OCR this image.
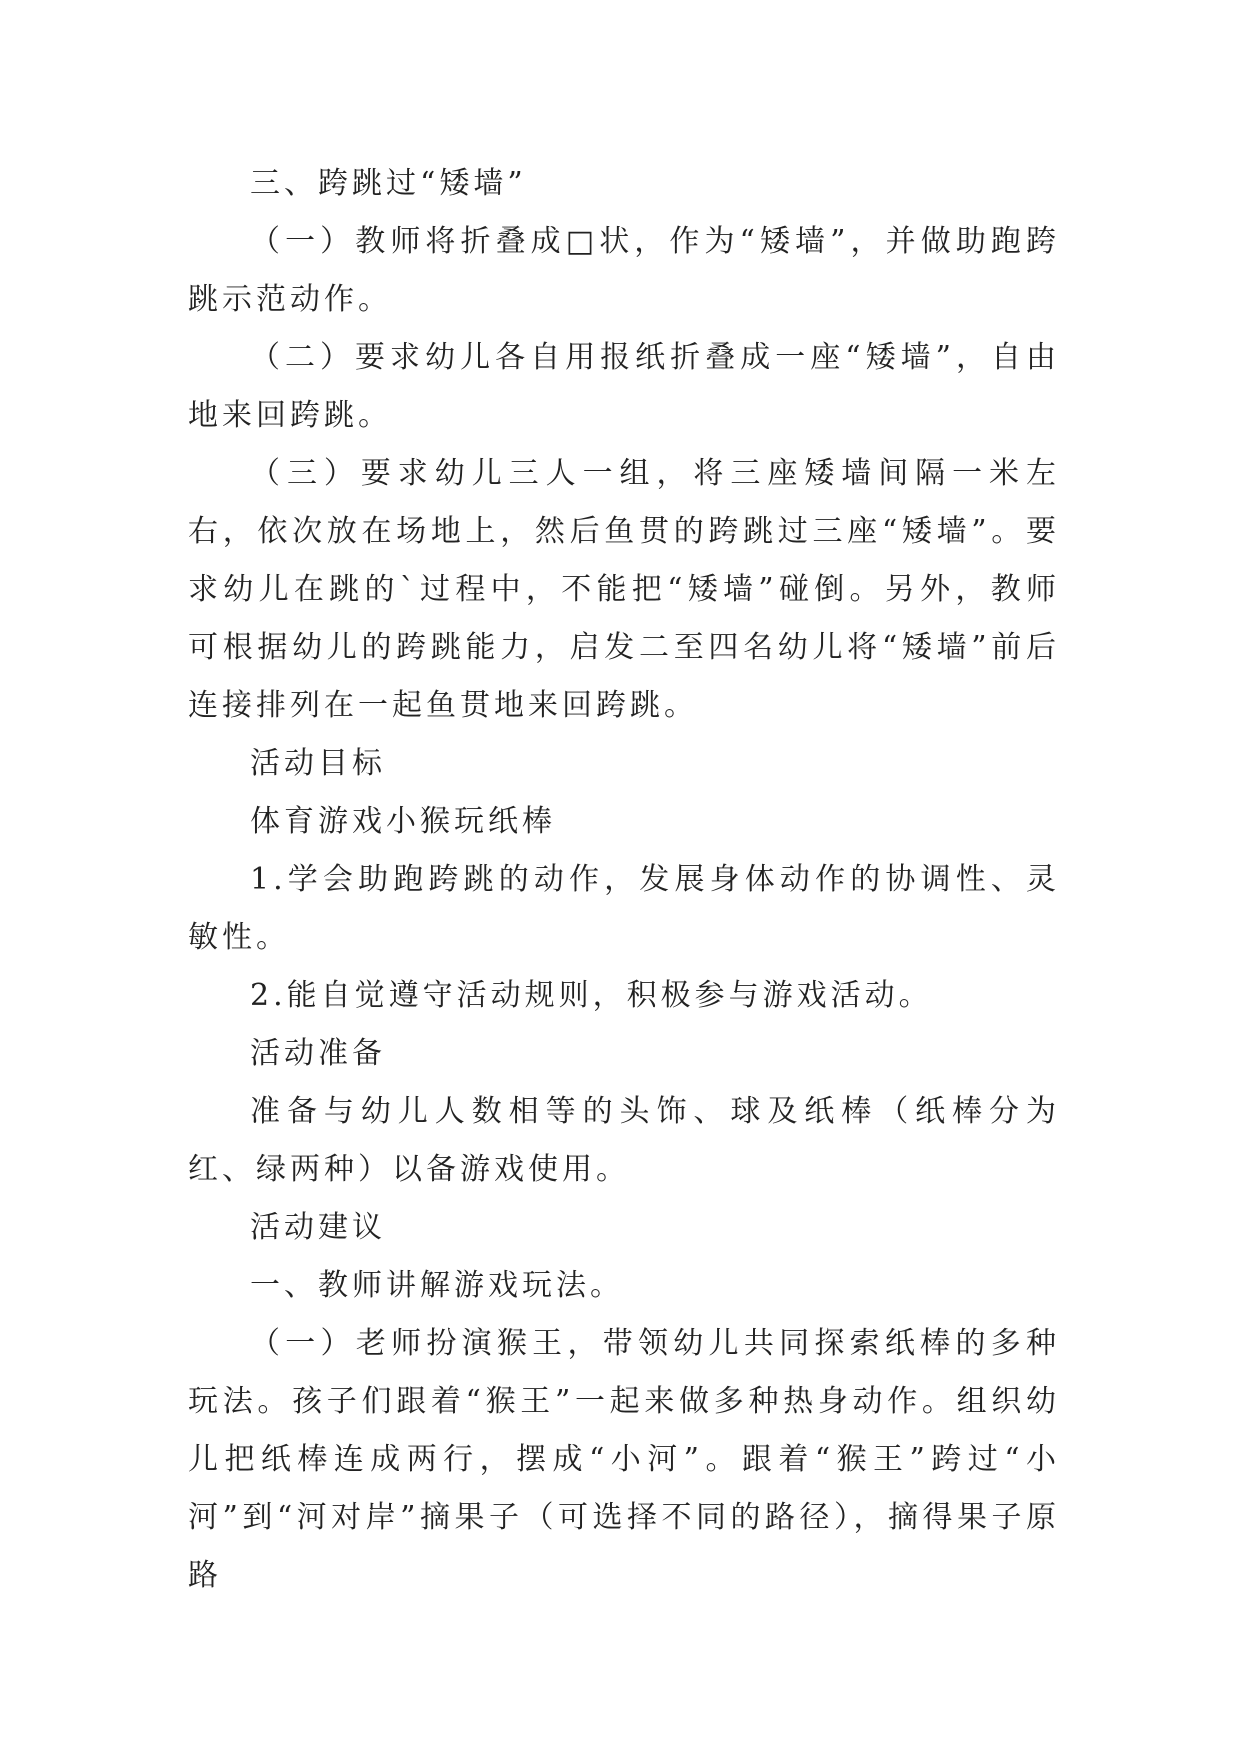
三、跨跳过“矮墙”

（一）教师将折叠成□状，作为“矮墙”，并做助跑跨跳示范动作。

（二）要求幼儿各自用报纸折叠成一座“矮墙”，自由地来回跨跳。

（三）要求幼儿三人一组，将三座矮墙间隔一米左右，依次放在场地上，然后鱼贯的跨跳过三座“矮墙”。要求幼儿在跳的`过程中，不能把“矮墙”碰倒。另外，教师可根据幼儿的跨跳能力，启发二至四名幼儿将“矮墙”前后连接排列在一起鱼贯地来回跨跳。

活动目标

体育游戏小猴玩纸棒

1.学会助跑跨跳的动作，发展身体动作的协调性、灵敏性。

2.能自觉遵守活动规则，积极参与游戏活动。

活动准备

准备与幼儿人数相等的头饰、球及纸棒（纸棒分为红、绿两种）以备游戏使用。

活动建议

一、教师讲解游戏玩法。

（一）老师扮演猴王，带领幼儿共同探索纸棒的多种玩法。孩子们跟着“猴王”一起来做多种热身动作。组织幼儿把纸棒连成两行，摆成“小河”。跟着“猴王”跨过“小河”到“河对岸”摘果子（可选择不同的路径），摘得果子原路
